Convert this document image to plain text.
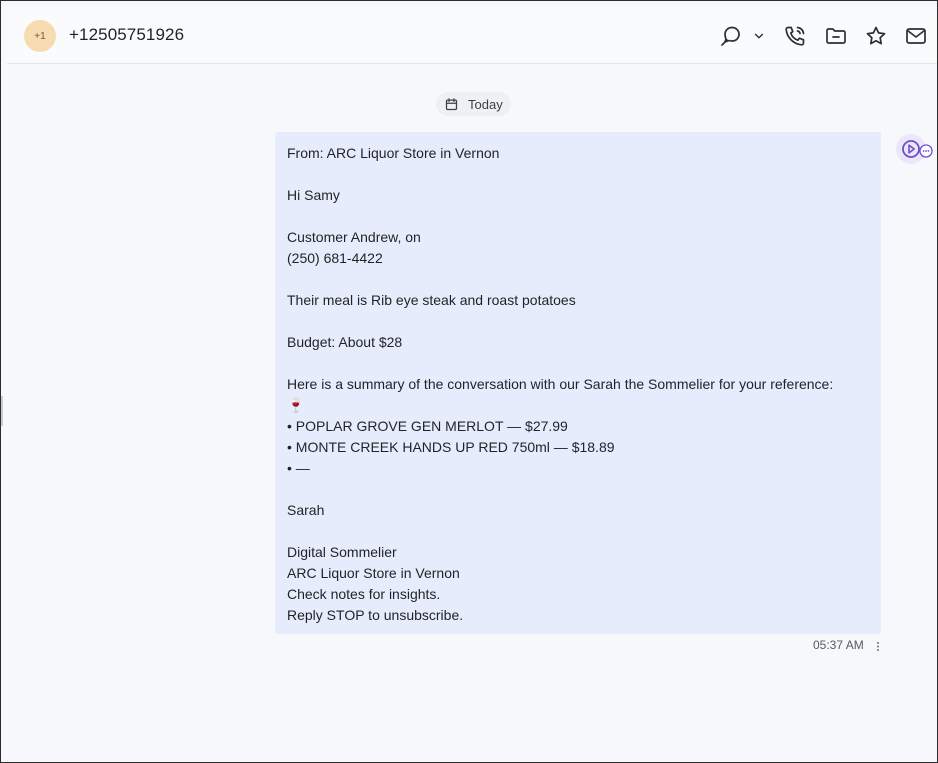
+1	+12505751926
Today
From: ARC Liquor Store in Vernon
Hi Samy
Customer Andrew, on
(250) 681-4422
Their meal is Rib eye steak and roast potatoes
Budget: About $28
Here is a summary of the conversation with our Sarah the Sommelier for your reference:
🍷
• POPLAR GROVE GEN MERLOT — $27.99
• MONTE CREEK HANDS UP RED 750ml — $18.89
• —
Sarah
Digital Sommelier
ARC Liquor Store in Vernon
Check notes for insights.
Reply STOP to unsubscribe.
05:37 AM
